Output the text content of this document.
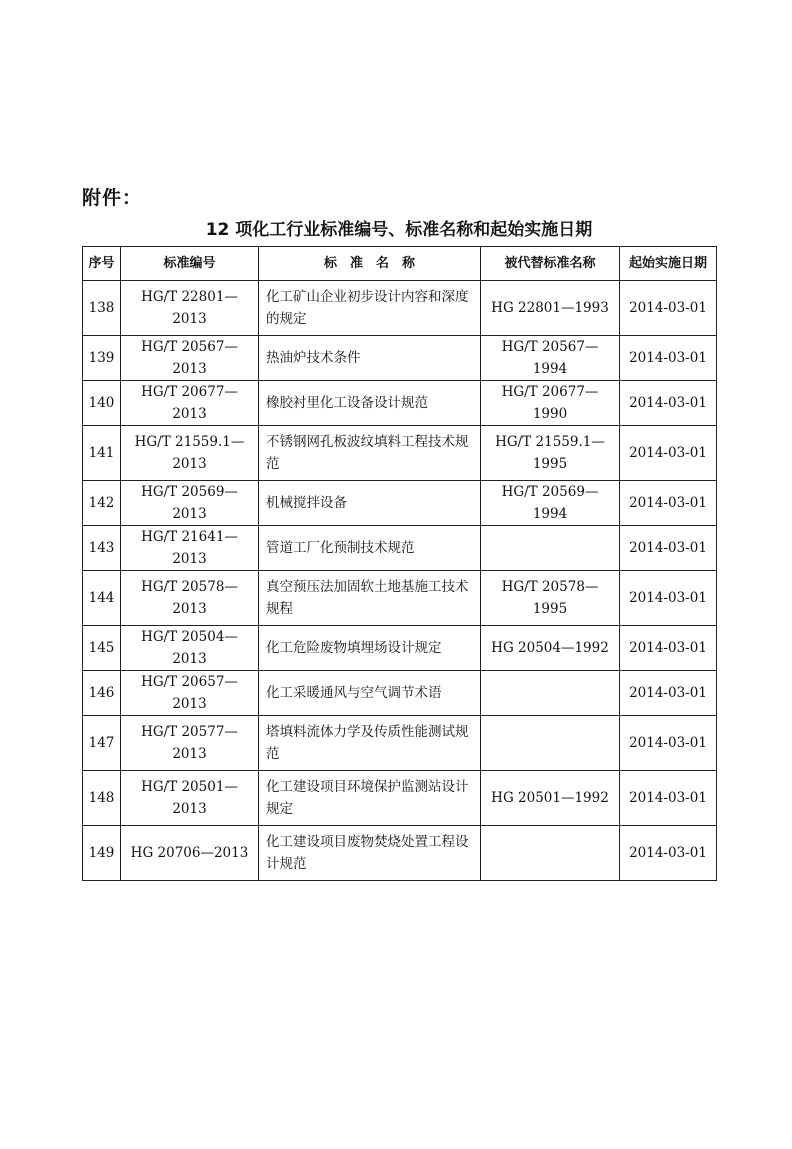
附件：
12 项化工行业标准编号、标准名称和起始实施日期
序号	标准编号	标　准　名　称	被代替标准名称	起始实施日期
138	HG/T 22801—2013	化工矿山企业初步设计内容和深度的规定	HG 22801—1993	2014-03-01
139	HG/T 20567—2013	热油炉技术条件	HG/T 20567—1994	2014-03-01
140	HG/T 20677—2013	橡胶衬里化工设备设计规范	HG/T 20677—1990	2014-03-01
141	HG/T 21559.1—2013	不锈钢网孔板波纹填料工程技术规范	HG/T 21559.1—1995	2014-03-01
142	HG/T 20569—2013	机械搅拌设备	HG/T 20569—1994	2014-03-01
143	HG/T 21641—2013	管道工厂化预制技术规范		2014-03-01
144	HG/T 20578—2013	真空预压法加固软土地基施工技术规程	HG/T 20578—1995	2014-03-01
145	HG/T 20504—2013	化工危险废物填埋场设计规定	HG 20504—1992	2014-03-01
146	HG/T 20657—2013	化工采暖通风与空气调节术语		2014-03-01
147	HG/T 20577—2013	塔填料流体力学及传质性能测试规范		2014-03-01
148	HG/T 20501—2013	化工建设项目环境保护监测站设计规定	HG 20501—1992	2014-03-01
149	HG 20706—2013	化工建设项目废物焚烧处置工程设计规范		2014-03-01
